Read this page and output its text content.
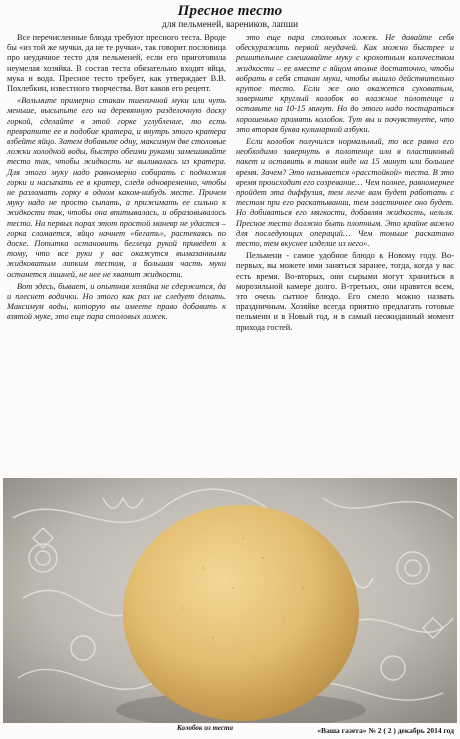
Пресное тесто
для пельменей, вареников, лапши

Все перечисленные блюда требуют пресного теста. Вроде бы «из той же мучки, да не те ручки», так говорит пословица про неудачное тесто для пельменей, если его приготовила неумелая хозяйка. В состав теста обязательно входят яйца, мука и вода. Пресное тесто требует, как утверждает В.В. Похлебкин, известного творчества. Вот каков его рецепт.

«Возьмите примерно стакан пшеничной муки или чуть меньше, высыпьте его на деревянную разделочную доску горкой, сделайте в этой горке углубление, то есть превратите ее в подобие кратера, и внутрь этого кратера взбейте яйцо. Затем добавьте одну, максимум две столовые ложки холодной воды, быстро обеими руками замешивайте тесто так, чтобы жидкость не выливалась из кратера. Для этого муку надо равномерно собирать с подножия горки и насыпать ее в кратер, следя одновременно, чтобы не разломать горку в одном каком-нибудь месте. Причем муку надо не просто сыпать, а прижимать ее сильно к жидкости так, чтобы она впитывалась, и образовывалось тесто. На первых порах этот простой маневр не удастся – горка сломается, яйцо начнет «бегать», растекаясь по доске. Попытка остановить беглеца рукой приведет к тому, что все руки у вас окажутся вымазанными жидковатым липким тестом, а большая часть муки останется лишней, не нее не хватит жидкости.

Вот здесь, бывает, и опытная хозяйка не сдержится, да и плеснет водички. Но этого как раз не следует делать. Максимум воды, которую вы имеете право добавить к взятой муке, это еще пара столовых ложек.

это еще пара столовых ложек. Не давайте себя обескуражить первой неудачей. Как можно быстрее и решительнее смешивайте муку с крохотным количеством жидкости – ее вместе с яйцом вполне достаточно, чтобы вобрать в себя стакан муки, чтобы вышло действительно крутое тесто. Если же оно окажется суховатым, заверните круглый колобок во влажное полотенце и оставьте на 10-15 минут. Но до этого надо постараться хорошенько промять колобок. Тут вы и почувствуете, что это вторая буква кулинарной азбуки.

Если колобок получился нормальный, то все равно его необходимо завернуть в полотенце или в пластиковый пакет и оставить в таком виде на 15 минут или большее время. Зачем? Это называется «расстойкой» теста. В это время происходит его созревание… Чем полнее, равномернее пройдет эта диффузия, тем легче вам будет работать с тестом при его раскатывании, тем эластичнее оно будет. Но добиваться его мягкости, добавляя жидкость, нельзя. Пресное тесто должно быть плотным. Это крайне важно для последующих операций… Чем тоньше раскатано тесто, тем вкуснее изделие из него».

Пельмени - самое удобное блюдо к Новому году. Во-первых, вы можете ими заняться заранее, тогда, когда у вас есть время. Во-вторых, они сырыми могут храниться в морозильной камере долго. В-третьих, они нравятся всем, это очень сытное блюдо. Его смело можно назвать праздничным. Хозяйке всегда приятно предлагать готовые пельмени и в Новый год, и в самый неожиданный момент прихода гостей.

Колобок из теста	«Ваша газета» № 2 ( 2 ) декабрь 2014 год
